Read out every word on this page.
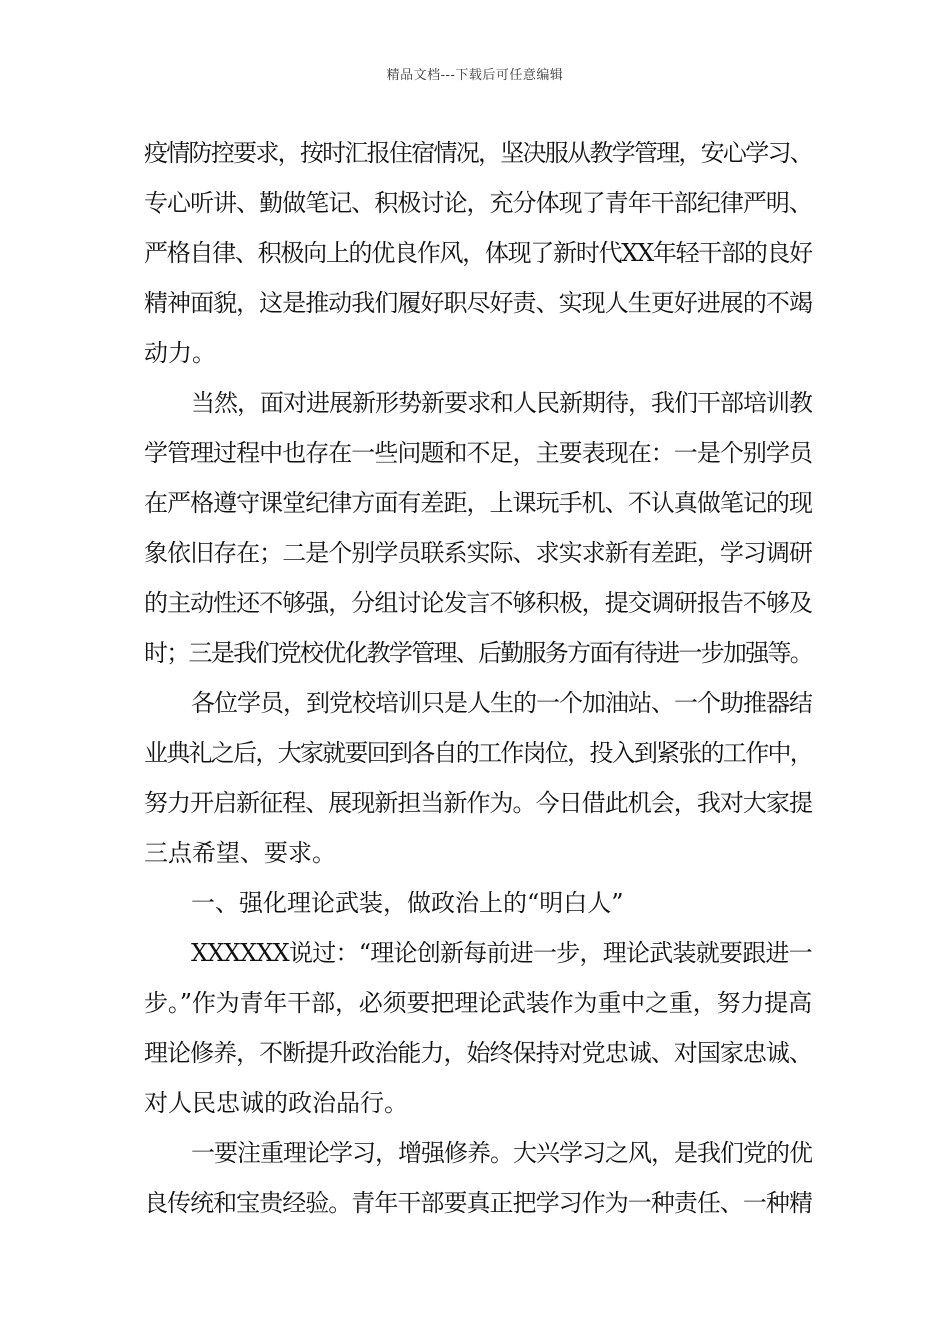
精品文档---下载后可任意编辑
疫情防控要求，按时汇报住宿情况，坚决服从教学管理，安心学习、
专心听讲、勤做笔记、积极讨论，充分体现了青年干部纪律严明、
严格自律、积极向上的优良作风，体现了新时代XX年轻干部的良好
精神面貌，这是推动我们履好职尽好责、实现人生更好进展的不竭
动力。
当然，面对进展新形势新要求和人民新期待，我们干部培训教
学管理过程中也存在一些问题和不足，主要表现在：一是个别学员
在严格遵守课堂纪律方面有差距，上课玩手机、不认真做笔记的现
象依旧存在；二是个别学员联系实际、求实求新有差距，学习调研
的主动性还不够强，分组讨论发言不够积极，提交调研报告不够及
时；三是我们党校优化教学管理、后勤服务方面有待进一步加强等。
各位学员，到党校培训只是人生的一个加油站、一个助推器结
业典礼之后，大家就要回到各自的工作岗位，投入到紧张的工作中，
努力开启新征程、展现新担当新作为。今日借此机会，我对大家提
三点希望、要求。
一、强化理论武装，做政治上的“明白人”
XXXXXX说过：“理论创新每前进一步，理论武装就要跟进一
步。”作为青年干部，必须要把理论武装作为重中之重，努力提高
理论修养，不断提升政治能力，始终保持对党忠诚、对国家忠诚、
对人民忠诚的政治品行。
一要注重理论学习，增强修养。大兴学习之风，是我们党的优
良传统和宝贵经验。青年干部要真正把学习作为一种责任、一种精
